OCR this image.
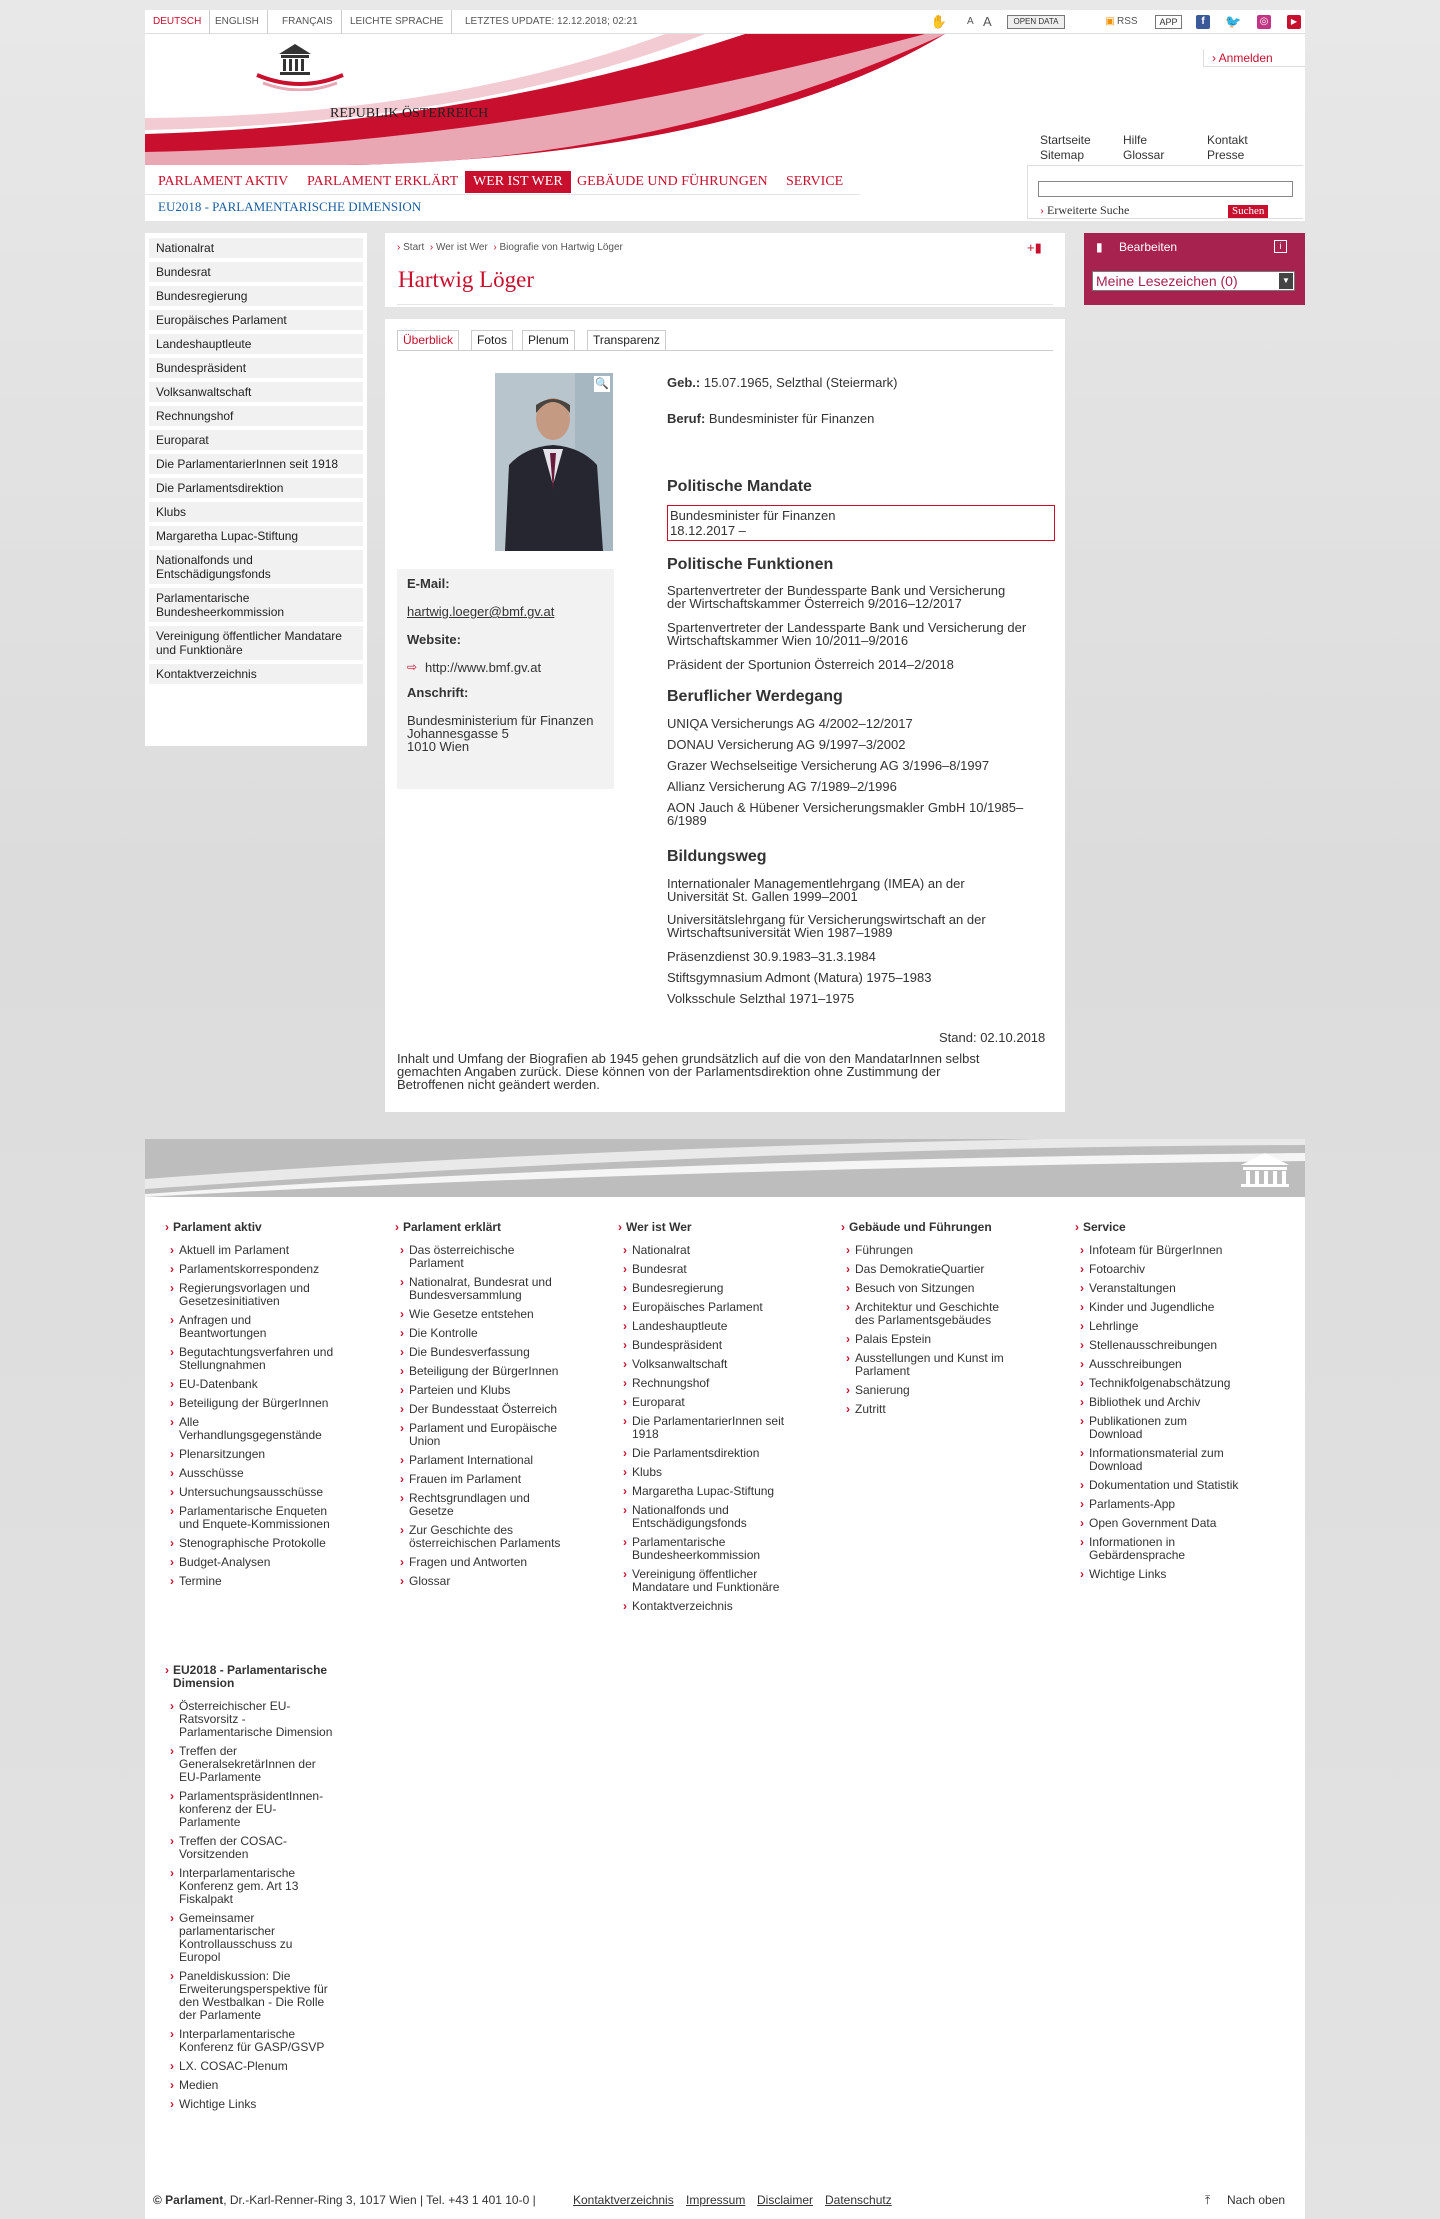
DEUTSCH	ENGLISH	FRANÇAIS	LEICHTE SPRACHE	LETZTES UPDATE: 12.12.2018; 02:21	✋ A A	OPEN DATA	▣ RSS	APP	f	🐦 ◎	▶
REPUBLIK ÖSTERREICH
Parlament
› Anmelden
Startseite
Sitemap
Hilfe
Glossar
Kontakt
Presse
PARLAMENT AKTIV	PARLAMENT ERKLÄRT	WER IST WER	GEBÄUDE UND FÜHRUNGEN	SERVICE
EU2018 - PARLAMENTARISCHE DIMENSION	› Erweiterte Suche	Suchen
Nationalrat
Bundesrat
Bundesregierung
Europäisches Parlament
Landeshauptleute
Bundespräsident
Volksanwaltschaft
Rechnungshof
Europarat
Die ParlamentarierInnen seit 1918
Die Parlamentsdirektion
Klubs
Margaretha Lupac-Stiftung
Nationalfonds und Entschädigungsfonds
Parlamentarische Bundesheerkommission
Vereinigung öffentlicher Mandatare und Funktionäre
Kontaktverzeichnis
› Start › Wer ist Wer › Biografie von Hartwig Löger	+▮
Hartwig Löger
Überblick	Fotos	Plenum	Transparenz
🔍
E-Mail:
hartwig.loeger@bmf.gv.at
Website:
⇨ http://www.bmf.gv.at
Anschrift:
Bundesministerium für Finanzen
Johannesgasse 5
1010 Wien
Geb.: 15.07.1965, Selzthal (Steiermark)
Beruf: Bundesminister für Finanzen
Politische Mandate
Bundesminister für Finanzen
18.12.2017 –
Politische Funktionen
Spartenvertreter der Bundessparte Bank und Versicherung
der Wirtschaftskammer Österreich 9/2016–12/2017
Spartenvertreter der Landessparte Bank und Versicherung der
Wirtschaftskammer Wien 10/2011–9/2016
Präsident der Sportunion Österreich 2014–2/2018
Beruflicher Werdegang
UNIQA Versicherungs AG 4/2002–12/2017
DONAU Versicherung AG 9/1997–3/2002
Grazer Wechselseitige Versicherung AG 3/1996–8/1997
Allianz Versicherung AG 7/1989–2/1996
AON Jauch & Hübener Versicherungsmakler GmbH 10/1985–
6/1989
Bildungsweg
Internationaler Managementlehrgang (IMEA) an der
Universität St. Gallen 1999–2001
Universitätslehrgang für Versicherungswirtschaft an der
Wirtschaftsuniversität Wien 1987–1989
Präsenzdienst 30.9.1983–31.3.1984
Stiftsgymnasium Admont (Matura) 1975–1983
Volksschule Selzthal 1971–1975
Stand: 02.10.2018
Inhalt und Umfang der Biografien ab 1945 gehen grundsätzlich auf die von den MandatarInnen selbst
gemachten Angaben zurück. Diese können von der Parlamentsdirektion ohne Zustimmung der
Betroffenen nicht geändert werden.
▮ Bearbeiten	i
Meine Lesezeichen (0)	▼
› Parlament aktiv
› Aktuell im Parlament
› Parlamentskorrespondenz
› Regierungsvorlagen und
Gesetzesinitiativen
› Anfragen und
Beantwortungen
› Begutachtungsverfahren und
Stellungnahmen
› EU-Datenbank
› Beteiligung der BürgerInnen
› Alle
Verhandlungsgegenstände
› Plenarsitzungen
› Ausschüsse
› Untersuchungsausschüsse
› Parlamentarische Enqueten
und Enquete-Kommissionen
› Stenographische Protokolle
› Budget-Analysen
› Termine
› Parlament erklärt
› Das österreichische
Parlament
› Nationalrat, Bundesrat und
Bundesversammlung
› Wie Gesetze entstehen
› Die Kontrolle
› Die Bundesverfassung
› Beteiligung der BürgerInnen
› Parteien und Klubs
› Der Bundesstaat Österreich
› Parlament und Europäische
Union
› Parlament International
› Frauen im Parlament
› Rechtsgrundlagen und
Gesetze
› Zur Geschichte des
österreichischen Parlaments
› Fragen und Antworten
› Glossar
› Wer ist Wer
› Nationalrat
› Bundesrat
› Bundesregierung
› Europäisches Parlament
› Landeshauptleute
› Bundespräsident
› Volksanwaltschaft
› Rechnungshof
› Europarat
› Die ParlamentarierInnen seit
1918
› Die Parlamentsdirektion
› Klubs
› Margaretha Lupac-Stiftung
› Nationalfonds und
Entschädigungsfonds
› Parlamentarische
Bundesheerkommission
› Vereinigung öffentlicher
Mandatare und Funktionäre
› Kontaktverzeichnis
› Gebäude und Führungen
› Führungen
› Das DemokratieQuartier
› Besuch von Sitzungen
› Architektur und Geschichte
des Parlamentsgebäudes
› Palais Epstein
› Ausstellungen und Kunst im
Parlament
› Sanierung
› Zutritt
› Service
› Infoteam für BürgerInnen
› Fotoarchiv
› Veranstaltungen
› Kinder und Jugendliche
› Lehrlinge
› Stellenausschreibungen
› Ausschreibungen
› Technikfolgenabschätzung
› Bibliothek und Archiv
› Publikationen zum
Download
› Informationsmaterial zum
Download
› Dokumentation und Statistik
› Parlaments-App
› Open Government Data
› Informationen in
Gebärdensprache
› Wichtige Links
› EU2018 - Parlamentarische
Dimension
› Österreichischer EU-
Ratsvorsitz -
Parlamentarische Dimension
› Treffen der
GeneralsekretärInnen der
EU-Parlamente
› ParlamentspräsidentInnen-
konferenz der EU-
Parlamente
› Treffen der COSAC-
Vorsitzenden
› Interparlamentarische
Konferenz gem. Art 13
Fiskalpakt
› Gemeinsamer
parlamentarischer
Kontrollausschuss zu
Europol
› Paneldiskussion: Die
Erweiterungsperspektive für
den Westbalkan - Die Rolle
der Parlamente
› Interparlamentarische
Konferenz für GASP/GSVP
› LX. COSAC-Plenum
› Medien
› Wichtige Links
© Parlament, Dr.-Karl-Renner-Ring 3, 1017 Wien | Tel. +43 1 401 10-0 |	Kontaktverzeichnis Impressum Disclaimer Datenschutz	⤒ Nach oben
